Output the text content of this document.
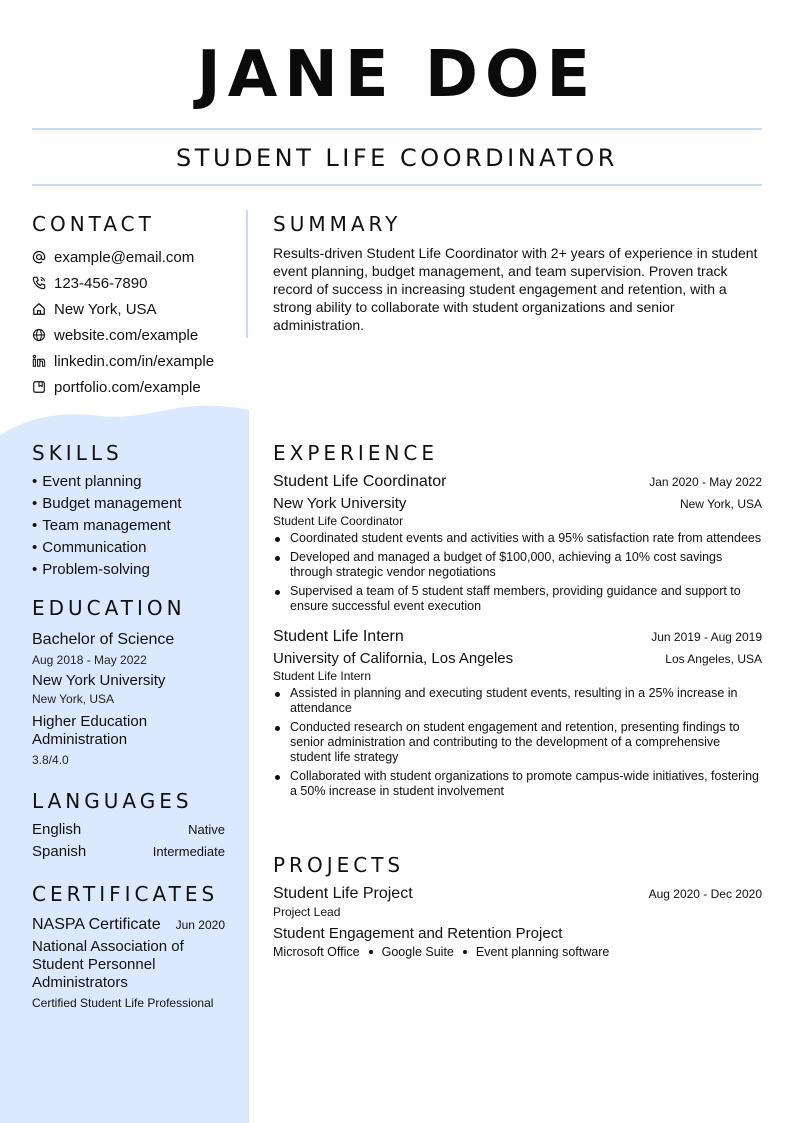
JANE DOE
STUDENT LIFE COORDINATOR
CONTACT
example@email.com
123-456-7890
New York, USA
website.com/example
linkedin.com/in/example
portfolio.com/example
SKILLS
• Event planning
• Budget management
• Team management
• Communication
• Problem-solving
EDUCATION
Bachelor of Science
Aug 2018 - May 2022
New York University
New York, USA
Higher Education Administration
3.8/4.0
LANGUAGES
English	Native
Spanish	Intermediate
CERTIFICATES
NASPA Certificate Jun 2020
National Association of Student Personnel Administrators
Certified Student Life Professional
SUMMARY

Results-driven Student Life Coordinator with 2+ years of experience in student event planning, budget management, and team supervision. Proven track record of success in increasing student engagement and retention, with a strong ability to collaborate with student organizations and senior administration.

EXPERIENCE
Student Life Coordinator	Jan 2020 - May 2022
New York University	New York, USA
Student Life Coordinator
Coordinated student events and activities with a 95% satisfaction rate from attendees
Developed and managed a budget of $100,000, achieving a 10% cost savings through strategic vendor negotiations
Supervised a team of 5 student staff members, providing guidance and support to ensure successful event execution
Student Life Intern	Jun 2019 - Aug 2019
University of California, Los Angeles	Los Angeles, USA
Student Life Intern
Assisted in planning and executing student events, resulting in a 25% increase in attendance
Conducted research on student engagement and retention, presenting findings to senior administration and contributing to the development of a comprehensive student life strategy
Collaborated with student organizations to promote campus-wide initiatives, fostering a 50% increase in student involvement
PROJECTS
Student Life Project	Aug 2020 - Dec 2020
Project Lead
Student Engagement and Retention Project
Microsoft Office Google Suite Event planning software
